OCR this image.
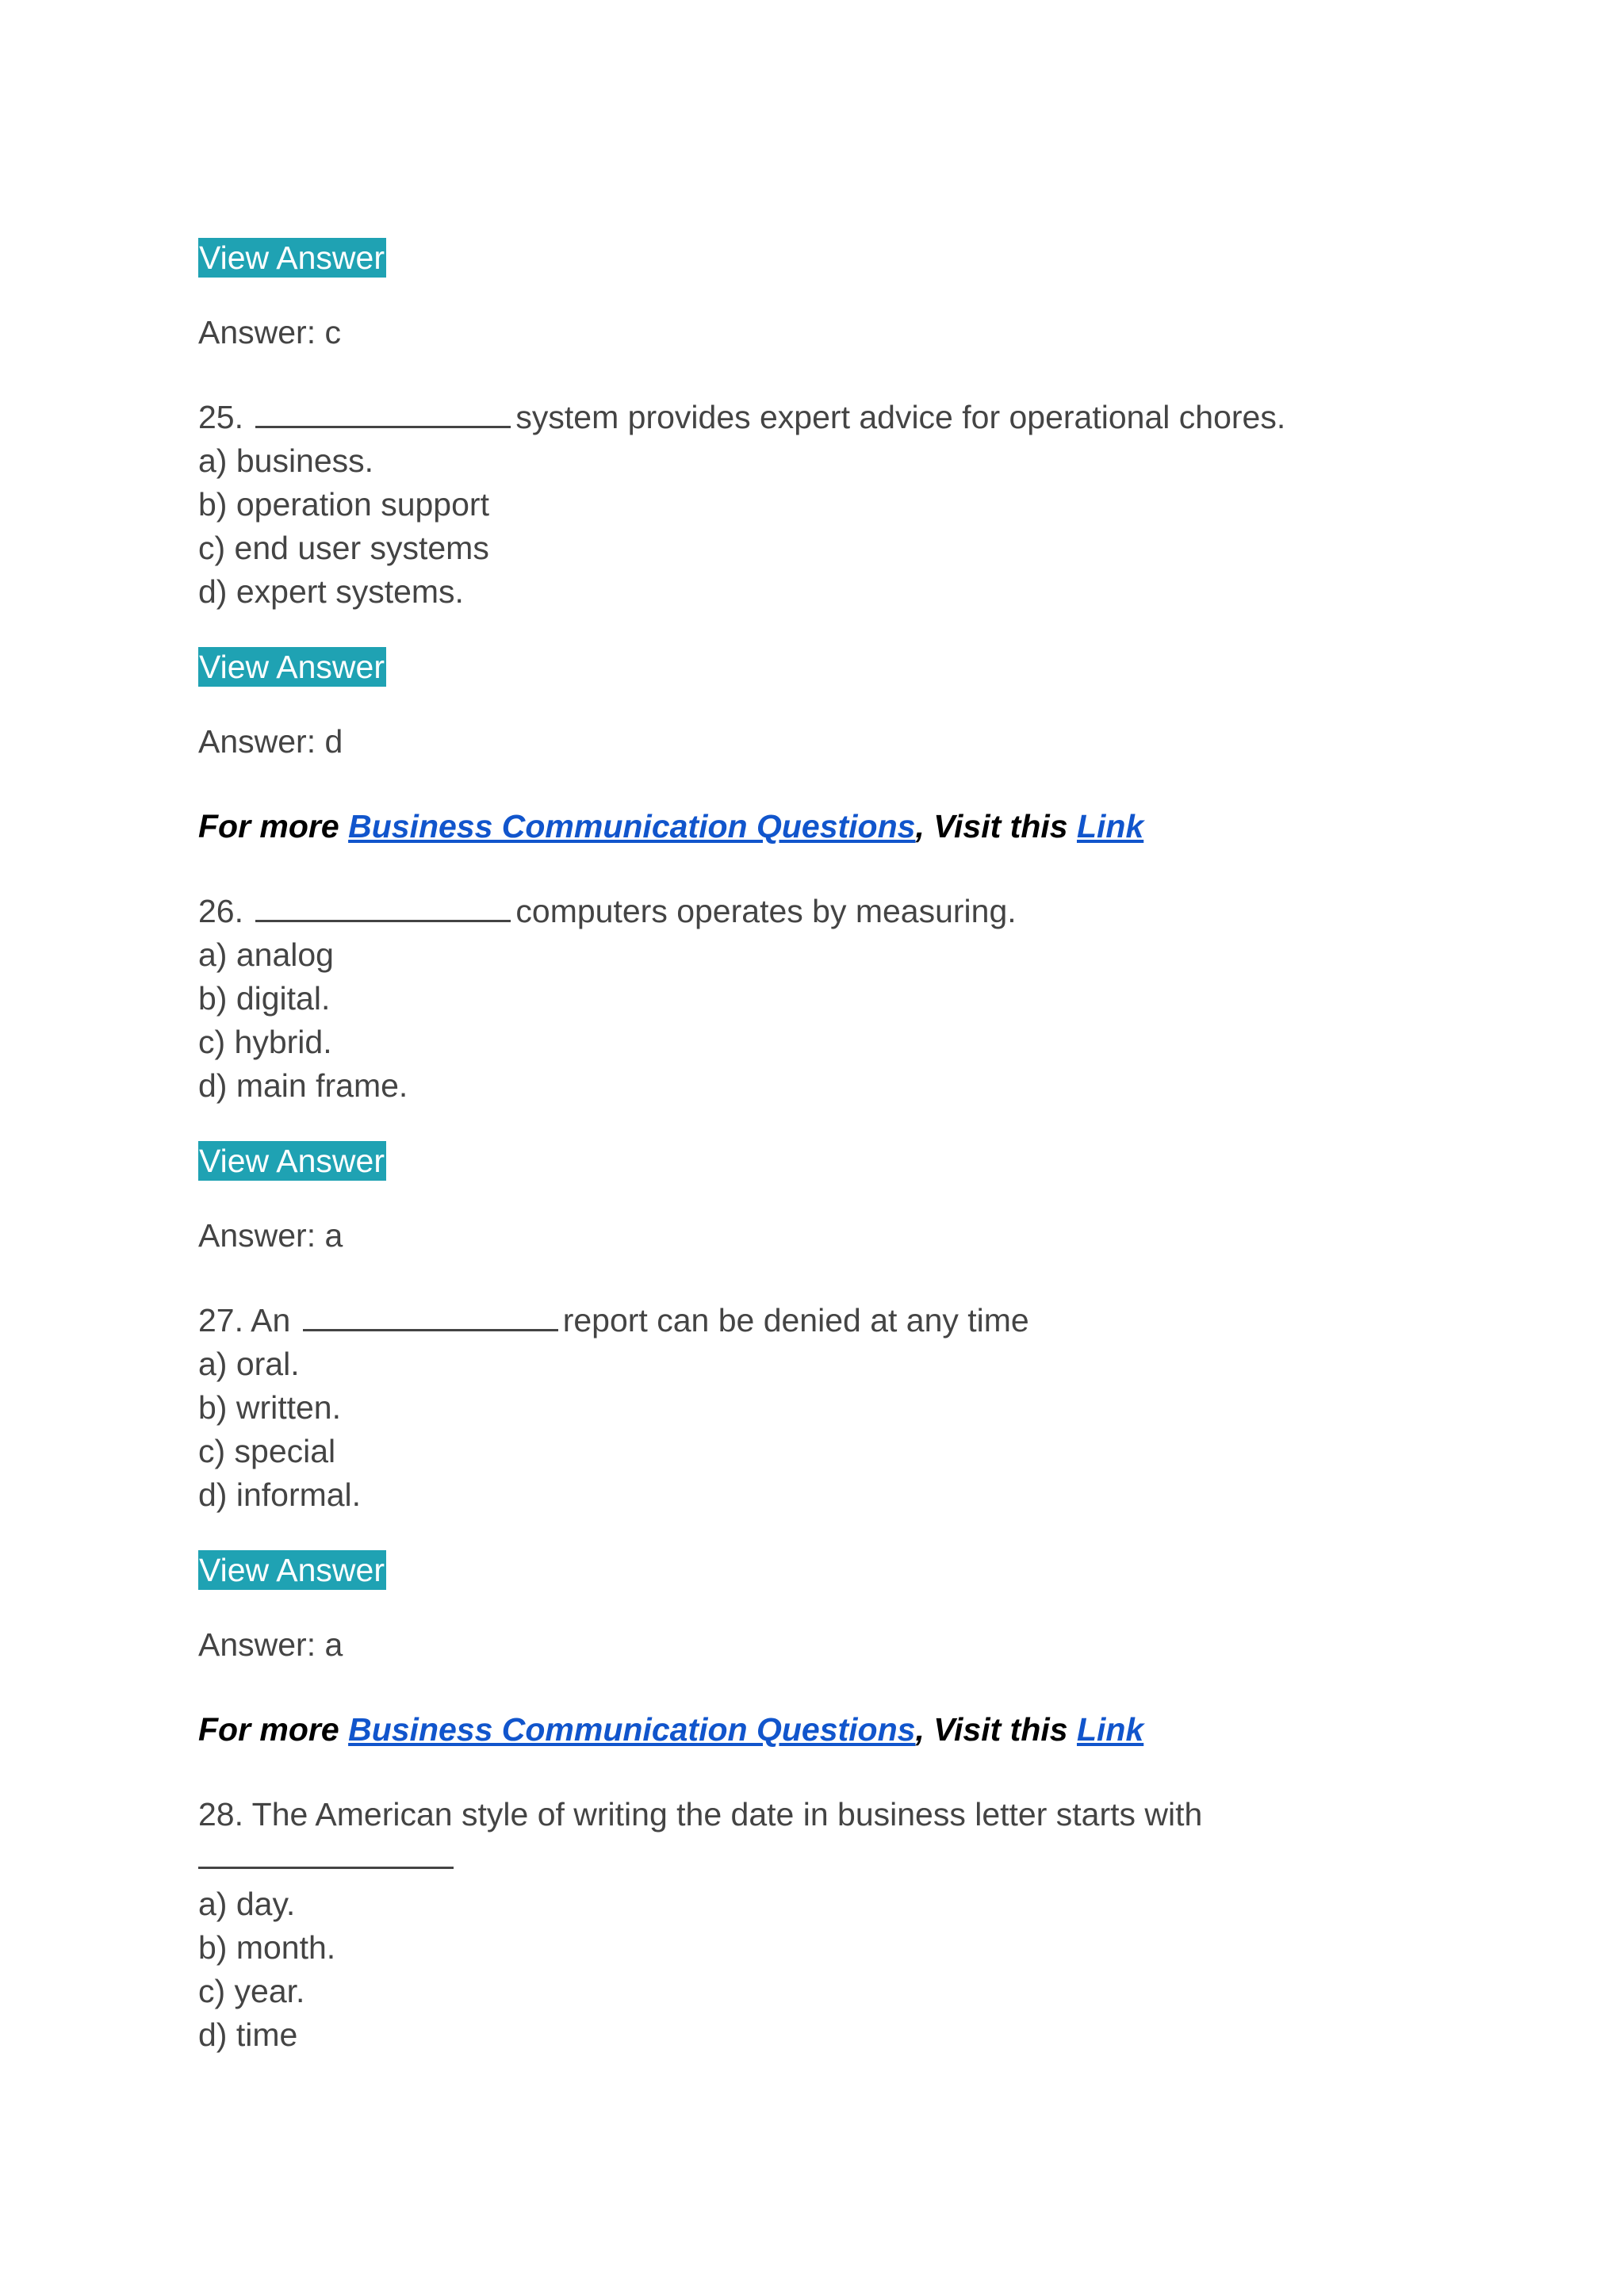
View Answer
Answer: c
25.	system provides expert advice for operational chores.
a) business.
b) operation support
c) end user systems
d) expert systems.
View Answer
Answer: d
For more Business Communication Questions, Visit this Link
26.	computers operates by measuring.
a) analog
b) digital.
c) hybrid.
d) main frame.
View Answer
Answer: a
27. An	report can be denied at any time
a) oral.
b) written.
c) special
d) informal.
View Answer
Answer: a
For more Business Communication Questions, Visit this Link
28. The American style of writing the date in business letter starts with
a) day.
b) month.
c) year.
d) time
